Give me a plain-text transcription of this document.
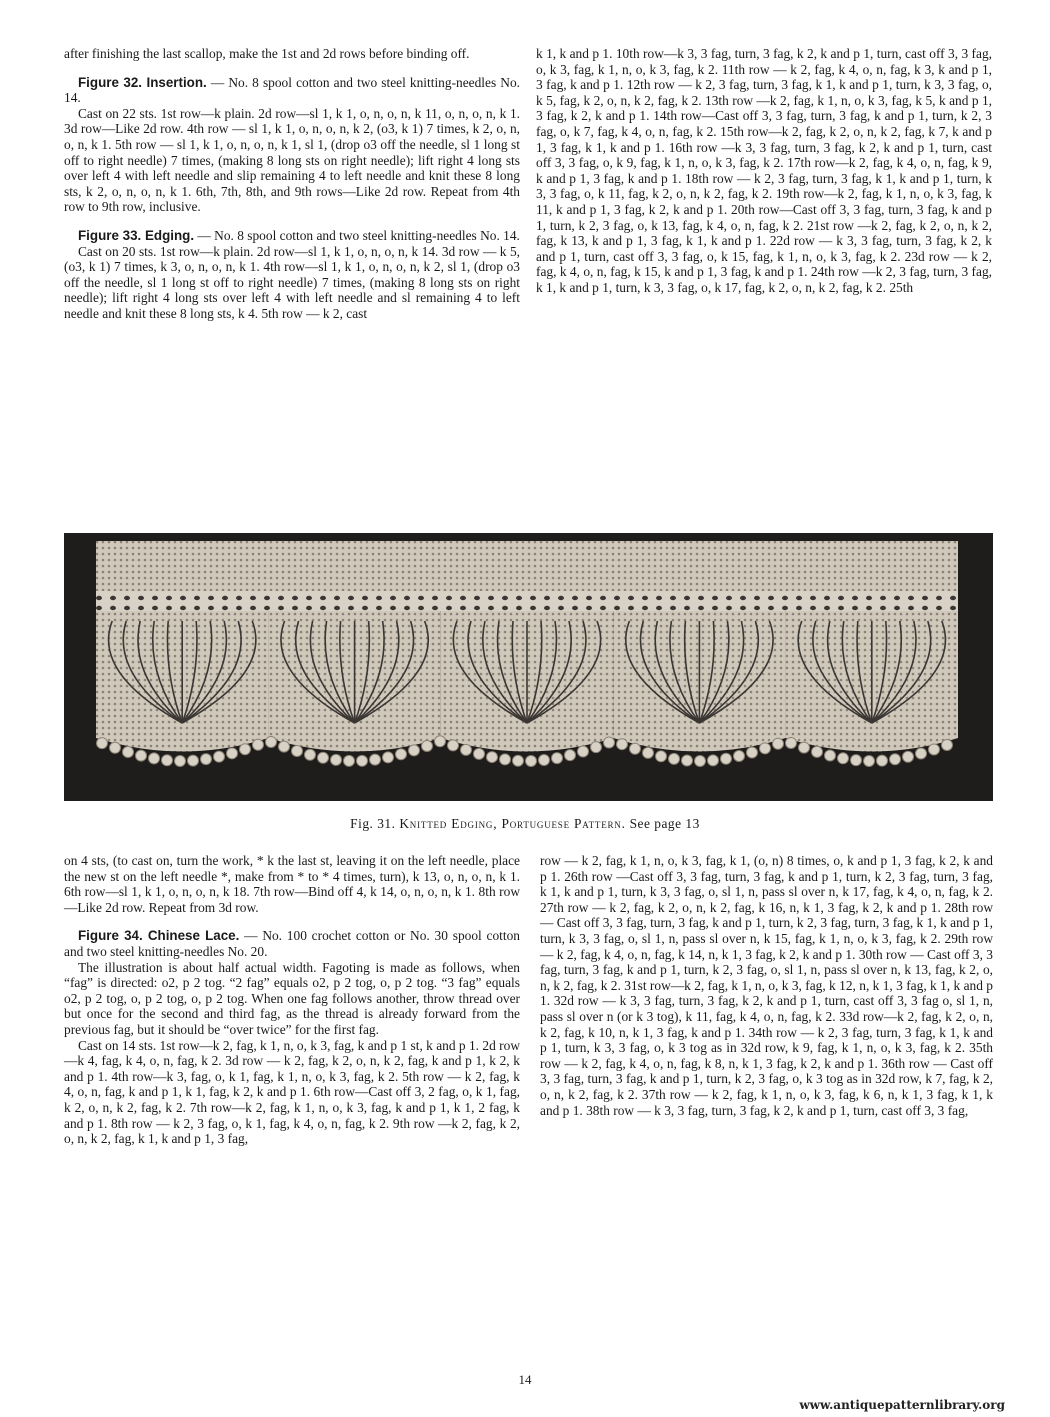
after finishing the last scallop, make the 1st and 2d rows before binding off.

Figure 32. Insertion. — No. 8 spool cotton and two steel knitting-needles No. 14.

Cast on 22 sts. 1st row—k plain. 2d row—sl 1, k 1, o, n, o, n, k 11, o, n, o, n, k 1. 3d row—Like 2d row. 4th row — sl 1, k 1, o, n, o, n, k 2, (o3, k 1) 7 times, k 2, o, n, o, n, k 1. 5th row — sl 1, k 1, o, n, o, n, k 1, sl 1, (drop o3 off the needle, sl 1 long st off to right needle) 7 times, (making 8 long sts on right needle); lift right 4 long sts over left 4 with left needle and slip remaining 4 to left needle and knit these 8 long sts, k 2, o, n, o, n, k 1. 6th, 7th, 8th, and 9th rows—Like 2d row. Repeat from 4th row to 9th row, inclusive.

Figure 33. Edging. — No. 8 spool cotton and two steel knitting-needles No. 14.

Cast on 20 sts. 1st row—k plain. 2d row—sl 1, k 1, o, n, o, n, k 14. 3d row — k 5, (o3, k 1) 7 times, k 3, o, n, o, n, k 1. 4th row—sl 1, k 1, o, n, o, n, k 2, sl 1, (drop o3 off the needle, sl 1 long st off to right needle) 7 times, (making 8 long sts on right needle); lift right 4 long sts over left 4 with left needle and sl remaining 4 to left needle and knit these 8 long sts, k 4. 5th row — k 2, cast

k 1, k and p 1. 10th row—k 3, 3 fag, turn, 3 fag, k 2, k and p 1, turn, cast off 3, 3 fag, o, k 3, fag, k 1, n, o, k 3, fag, k 2. 11th row — k 2, fag, k 4, o, n, fag, k 3, k and p 1, 3 fag, k and p 1. 12th row — k 2, 3 fag, turn, 3 fag, k 1, k and p 1, turn, k 3, 3 fag, o, k 5, fag, k 2, o, n, k 2, fag, k 2. 13th row —k 2, fag, k 1, n, o, k 3, fag, k 5, k and p 1, 3 fag, k 2, k and p 1. 14th row—Cast off 3, 3 fag, turn, 3 fag, k and p 1, turn, k 2, 3 fag, o, k 7, fag, k 4, o, n, fag, k 2. 15th row—k 2, fag, k 2, o, n, k 2, fag, k 7, k and p 1, 3 fag, k 1, k and p 1. 16th row —k 3, 3 fag, turn, 3 fag, k 2, k and p 1, turn, cast off 3, 3 fag, o, k 9, fag, k 1, n, o, k 3, fag, k 2. 17th row—k 2, fag, k 4, o, n, fag, k 9, k and p 1, 3 fag, k and p 1. 18th row — k 2, 3 fag, turn, 3 fag, k 1, k and p 1, turn, k 3, 3 fag, o, k 11, fag, k 2, o, n, k 2, fag, k 2. 19th row—k 2, fag, k 1, n, o, k 3, fag, k 11, k and p 1, 3 fag, k 2, k and p 1. 20th row—Cast off 3, 3 fag, turn, 3 fag, k and p 1, turn, k 2, 3 fag, o, k 13, fag, k 4, o, n, fag, k 2. 21st row —k 2, fag, k 2, o, n, k 2, fag, k 13, k and p 1, 3 fag, k 1, k and p 1. 22d row — k 3, 3 fag, turn, 3 fag, k 2, k and p 1, turn, cast off 3, 3 fag, o, k 15, fag, k 1, n, o, k 3, fag, k 2. 23d row — k 2, fag, k 4, o, n, fag, k 15, k and p 1, 3 fag, k and p 1. 24th row —k 2, 3 fag, turn, 3 fag, k 1, k and p 1, turn, k 3, 3 fag, o, k 17, fag, k 2, o, n, k 2, fag, k 2. 25th

Fig. 31. Knitted Edging, Portuguese Pattern. See page 13

on 4 sts, (to cast on, turn the work, * k the last st, leaving it on the left needle, place the new st on the left needle *, make from * to * 4 times, turn), k 13, o, n, o, n, k 1. 6th row—sl 1, k 1, o, n, o, n, k 18. 7th row—Bind off 4, k 14, o, n, o, n, k 1. 8th row—Like 2d row. Repeat from 3d row.

Figure 34. Chinese Lace. — No. 100 crochet cotton or No. 30 spool cotton and two steel knitting-needles No. 20.

The illustration is about half actual width. Fagoting is made as follows, when “fag” is directed: o2, p 2 tog. “2 fag” equals o2, p 2 tog, o, p 2 tog. “3 fag” equals o2, p 2 tog, o, p 2 tog, o, p 2 tog. When one fag follows another, throw thread over but once for the second and third fag, as the thread is already forward from the previous fag, but it should be “over twice” for the first fag.

Cast on 14 sts. 1st row—k 2, fag, k 1, n, o, k 3, fag, k and p 1 st, k and p 1. 2d row—k 4, fag, k 4, o, n, fag, k 2. 3d row — k 2, fag, k 2, o, n, k 2, fag, k and p 1, k 2, k and p 1. 4th row—k 3, fag, o, k 1, fag, k 1, n, o, k 3, fag, k 2. 5th row — k 2, fag, k 4, o, n, fag, k and p 1, k 1, fag, k 2, k and p 1. 6th row—Cast off 3, 2 fag, o, k 1, fag, k 2, o, n, k 2, fag, k 2. 7th row—k 2, fag, k 1, n, o, k 3, fag, k and p 1, k 1, 2 fag, k and p 1. 8th row — k 2, 3 fag, o, k 1, fag, k 4, o, n, fag, k 2. 9th row —k 2, fag, k 2, o, n, k 2, fag, k 1, k and p 1, 3 fag,

row — k 2, fag, k 1, n, o, k 3, fag, k 1, (o, n) 8 times, o, k and p 1, 3 fag, k 2, k and p 1. 26th row —Cast off 3, 3 fag, turn, 3 fag, k and p 1, turn, k 2, 3 fag, turn, 3 fag, k 1, k and p 1, turn, k 3, 3 fag, o, sl 1, n, pass sl over n, k 17, fag, k 4, o, n, fag, k 2. 27th row — k 2, fag, k 2, o, n, k 2, fag, k 16, n, k 1, 3 fag, k 2, k and p 1. 28th row — Cast off 3, 3 fag, turn, 3 fag, k and p 1, turn, k 2, 3 fag, turn, 3 fag, k 1, k and p 1, turn, k 3, 3 fag, o, sl 1, n, pass sl over n, k 15, fag, k 1, n, o, k 3, fag, k 2. 29th row — k 2, fag, k 4, o, n, fag, k 14, n, k 1, 3 fag, k 2, k and p 1. 30th row — Cast off 3, 3 fag, turn, 3 fag, k and p 1, turn, k 2, 3 fag, o, sl 1, n, pass sl over n, k 13, fag, k 2, o, n, k 2, fag, k 2. 31st row—k 2, fag, k 1, n, o, k 3, fag, k 12, n, k 1, 3 fag, k 1, k and p 1. 32d row — k 3, 3 fag, turn, 3 fag, k 2, k and p 1, turn, cast off 3, 3 fag o, sl 1, n, pass sl over n (or k 3 tog), k 11, fag, k 4, o, n, fag, k 2. 33d row—k 2, fag, k 2, o, n, k 2, fag, k 10, n, k 1, 3 fag, k and p 1. 34th row — k 2, 3 fag, turn, 3 fag, k 1, k and p 1, turn, k 3, 3 fag, o, k 3 tog as in 32d row, k 9, fag, k 1, n, o, k 3, fag, k 2. 35th row — k 2, fag, k 4, o, n, fag, k 8, n, k 1, 3 fag, k 2, k and p 1. 36th row — Cast off 3, 3 fag, turn, 3 fag, k and p 1, turn, k 2, 3 fag, o, k 3 tog as in 32d row, k 7, fag, k 2, o, n, k 2, fag, k 2. 37th row — k 2, fag, k 1, n, o, k 3, fag, k 6, n, k 1, 3 fag, k 1, k and p 1. 38th row — k 3, 3 fag, turn, 3 fag, k 2, k and p 1, turn, cast off 3, 3 fag,

14
www.antiquepatternlibrary.org
